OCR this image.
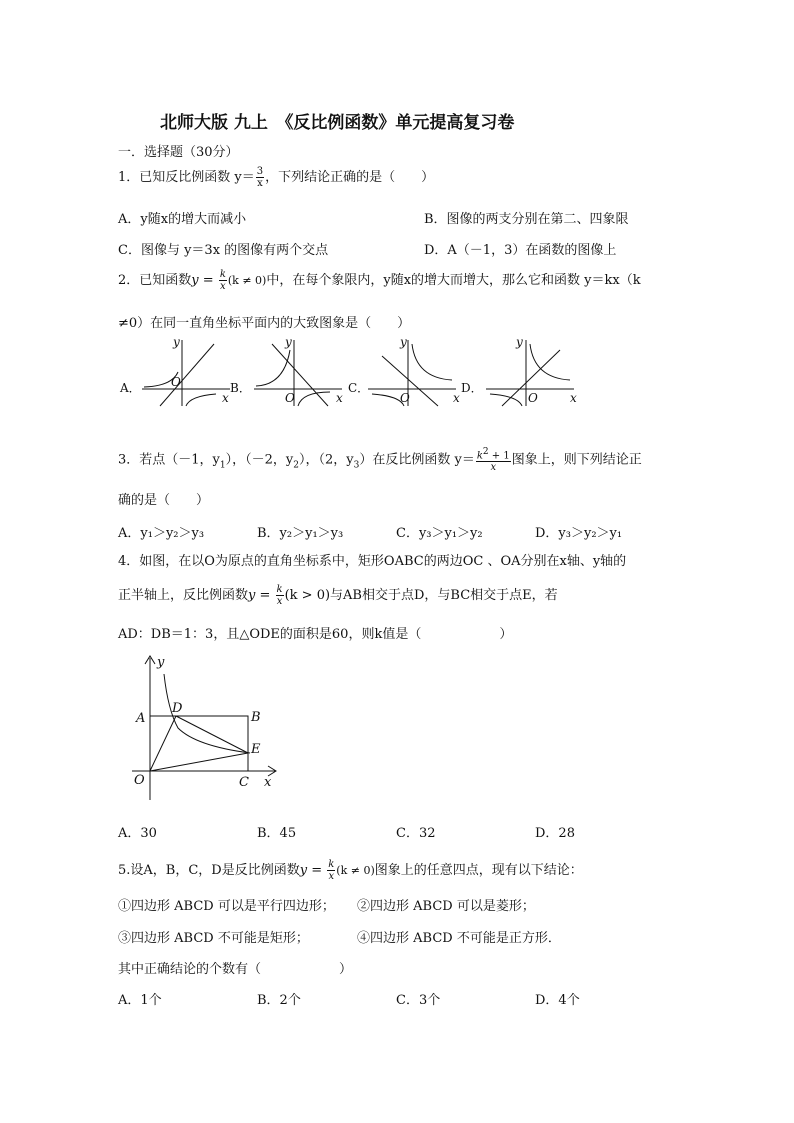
北师大版 九上　《反比例函数》单元提高复习卷
一．选择题（30分）
1．已知反比例函数 $y= \frac{3}{x}$ ，下列结论正确的是（　　）
A．y随x的增大而减小	B．图像的两支分别在第二、四象限
C．图像与 y＝3x 的图像有两个交点	D．A（－1，3）在函数的图像上
2．已知函数$y = \frac{k}{x} (k \ne 0)$中，在每个象限内，y随x的增大而增大，那么它和函数 y＝kx（k
≠0）在同一直角坐标平面内的大致图象是（　　）
A．	B．	C．	D．
y
O
x
y
O	x
y
O	x
y
O	x
3．若点（－1，$y_1$），（－2，$y_2$），（2，$y_3$）在反比例函数 $y= \frac{k^2 + 1}{x}$ 图象上，则下列结论正
确的是（　　）
A．y₁＞y₂＞y₃	B．y₂＞y₁＞y₃	C．y₃＞y₁＞y₂	D．y₃＞y₂＞y₁
4．如图，在以O为原点的直角坐标系中，矩形OABC的两边OC 、OA分别在x轴、y轴的
正半轴上，反比例函数$y = \frac{k}{x} (k > 0)$与AB相交于点D，与BC相交于点E，若
AD：DB＝1：3，且△ODE的面积是60，则k值是（　　　　　　）
y
x
A	B
C
D
E
O
A．30	B．45	C．32	D．28
5.设A，B，C，D是反比例函数$y = \frac{k}{x} (k \ne 0)$图象上的任意四点，现有以下结论：
①四边形 ABCD 可以是平行四边形； ②四边形 ABCD 可以是菱形；
③四边形 ABCD 不可能是矩形；	④四边形 ABCD 不可能是正方形．
其中正确结论的个数有（　　　　　　）
A．1个	B．2个	C．3个	D．4个
